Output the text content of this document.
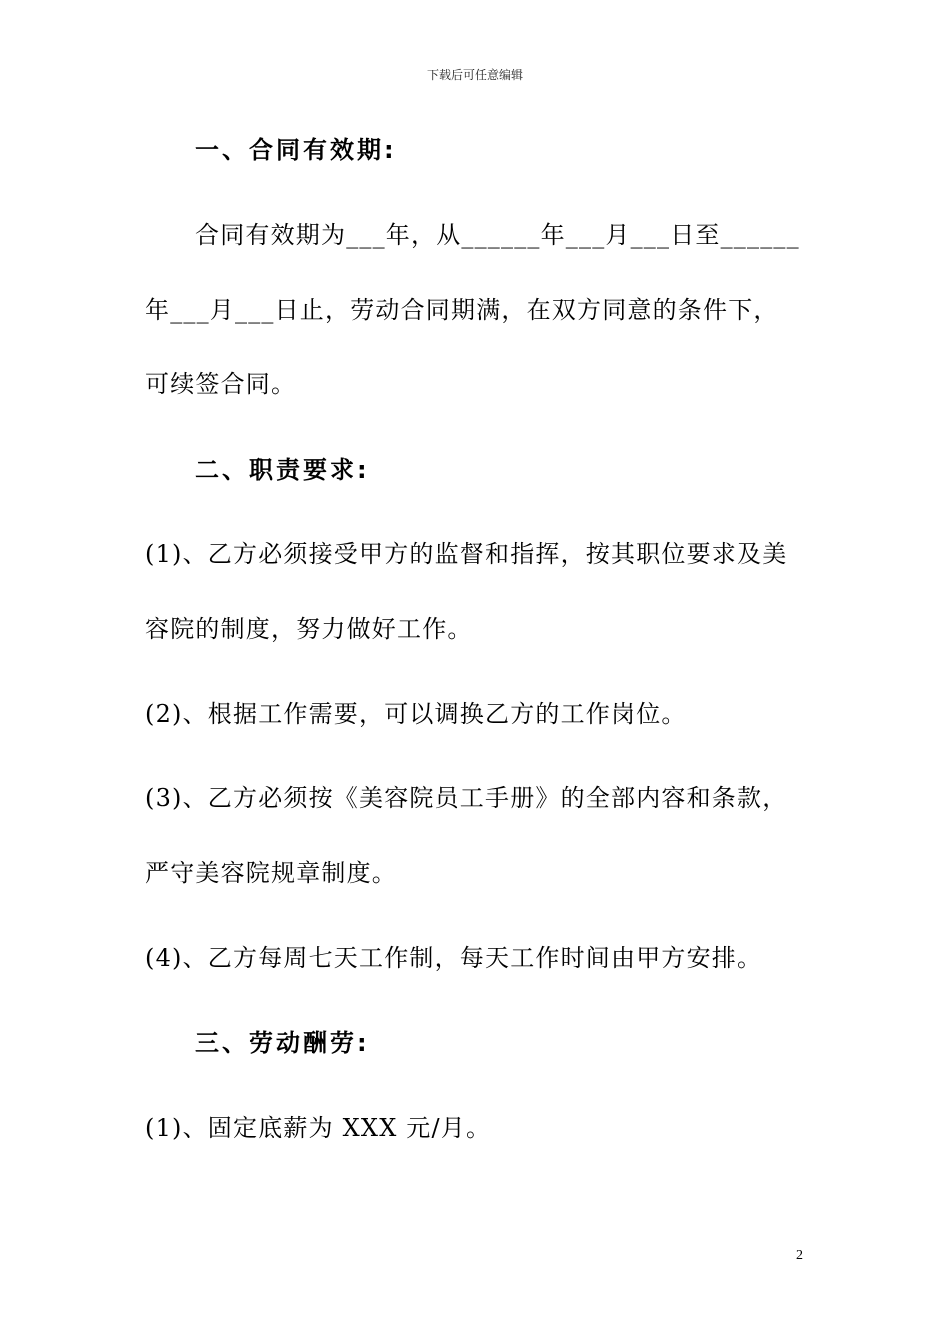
下载后可任意编辑
一、合同有效期:
合同有效期为___年，从______年___月___日至______
年___月___日止，劳动合同期满，在双方同意的条件下，
可续签合同。
二、职责要求:
(1)、乙方必须接受甲方的监督和指挥，按其职位要求及美
容院的制度，努力做好工作。
(2)、根据工作需要，可以调换乙方的工作岗位。
(3)、乙方必须按《美容院员工手册》的全部内容和条款，
严守美容院规章制度。
(4)、乙方每周七天工作制，每天工作时间由甲方安排。
三、劳动酬劳:
(1)、固定底薪为 XXX 元/月。
2
